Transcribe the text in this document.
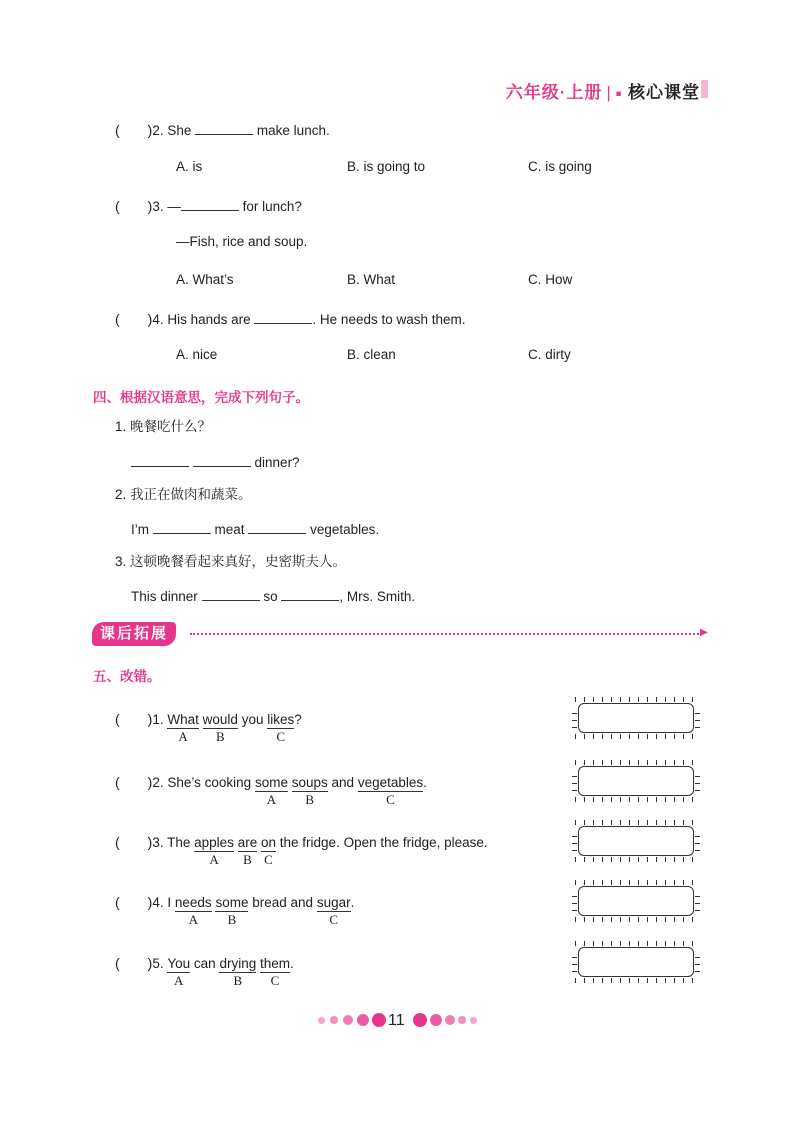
六年级·上册 | ■ 核心课堂
(　　)2. She	make lunch.
A. is	B. is going to	C. is going
(　　)3. —	for lunch?
—Fish, rice and soup.
A. What’s	B. What	C. How
(　　)4. His hands are	. He needs to wash them.
A. nice	B. clean	C. dirty
四、根据汉语意思，完成下列句子。
1. 晚餐吃什么？
dinner?
2. 我正在做肉和蔬菜。
I’m	meat	vegetables.
3. 这顿晚餐看起来真好，史密斯夫人。
This dinner	so	, Mrs. Smith.
课后拓展	▶
五、改错。
(　　)1. What
A
would
B
you likes
C
?
(　　)2. She’s cooking some
A
soups
B
and vegetables
C
.
(　　)3. The apples
A
are
B
on
C
the fridge. Open the fridge, please.
(　　)4. I needs
A
some
B
bread and sugar
C
.
(　　)5. You
A
can drying
B
them
C
.
11
